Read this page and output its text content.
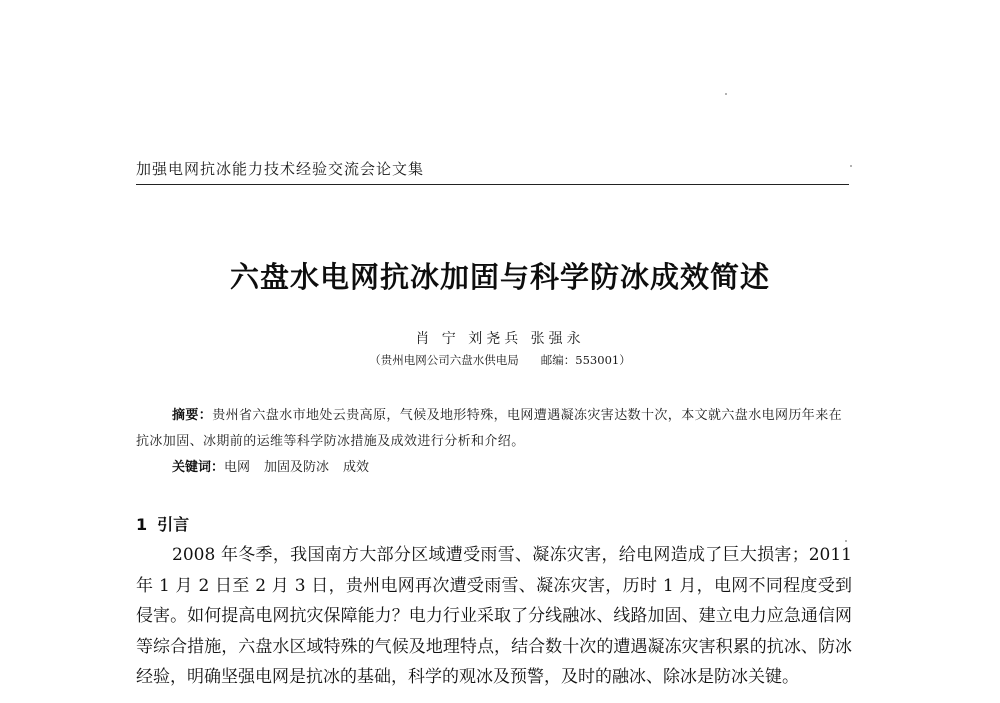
加强电网抗冰能力技术经验交流会论文集
六盘水电网抗冰加固与科学防冰成效简述
肖 宁 刘尧兵 张强永
（贵州电网公司六盘水供电局 邮编：553001）
摘要：贵州省六盘水市地处云贵高原，气候及地形特殊，电网遭遇凝冻灾害达数十次，本文就六盘水电网历年来在抗冰加固、冰期前的运维等科学防冰措施及成效进行分析和介绍。
关键词：电网 加固及防冰 成效
1 引言
2008 年冬季，我国南方大部分区域遭受雨雪、凝冻灾害，给电网造成了巨大损害；2011 年 1 月 2 日至 2 月 3 日，贵州电网再次遭受雨雪、凝冻灾害，历时 1 月，电网不同程度受到侵害。如何提高电网抗灾保障能力？电力行业采取了分线融冰、线路加固、建立电力应急通信网等综合措施，六盘水区域特殊的气候及地理特点，结合数十次的遭遇凝冻灾害积累的抗冰、防冰经验，明确坚强电网是抗冰的基础，科学的观冰及预警，及时的融冰、除冰是防冰关键。
